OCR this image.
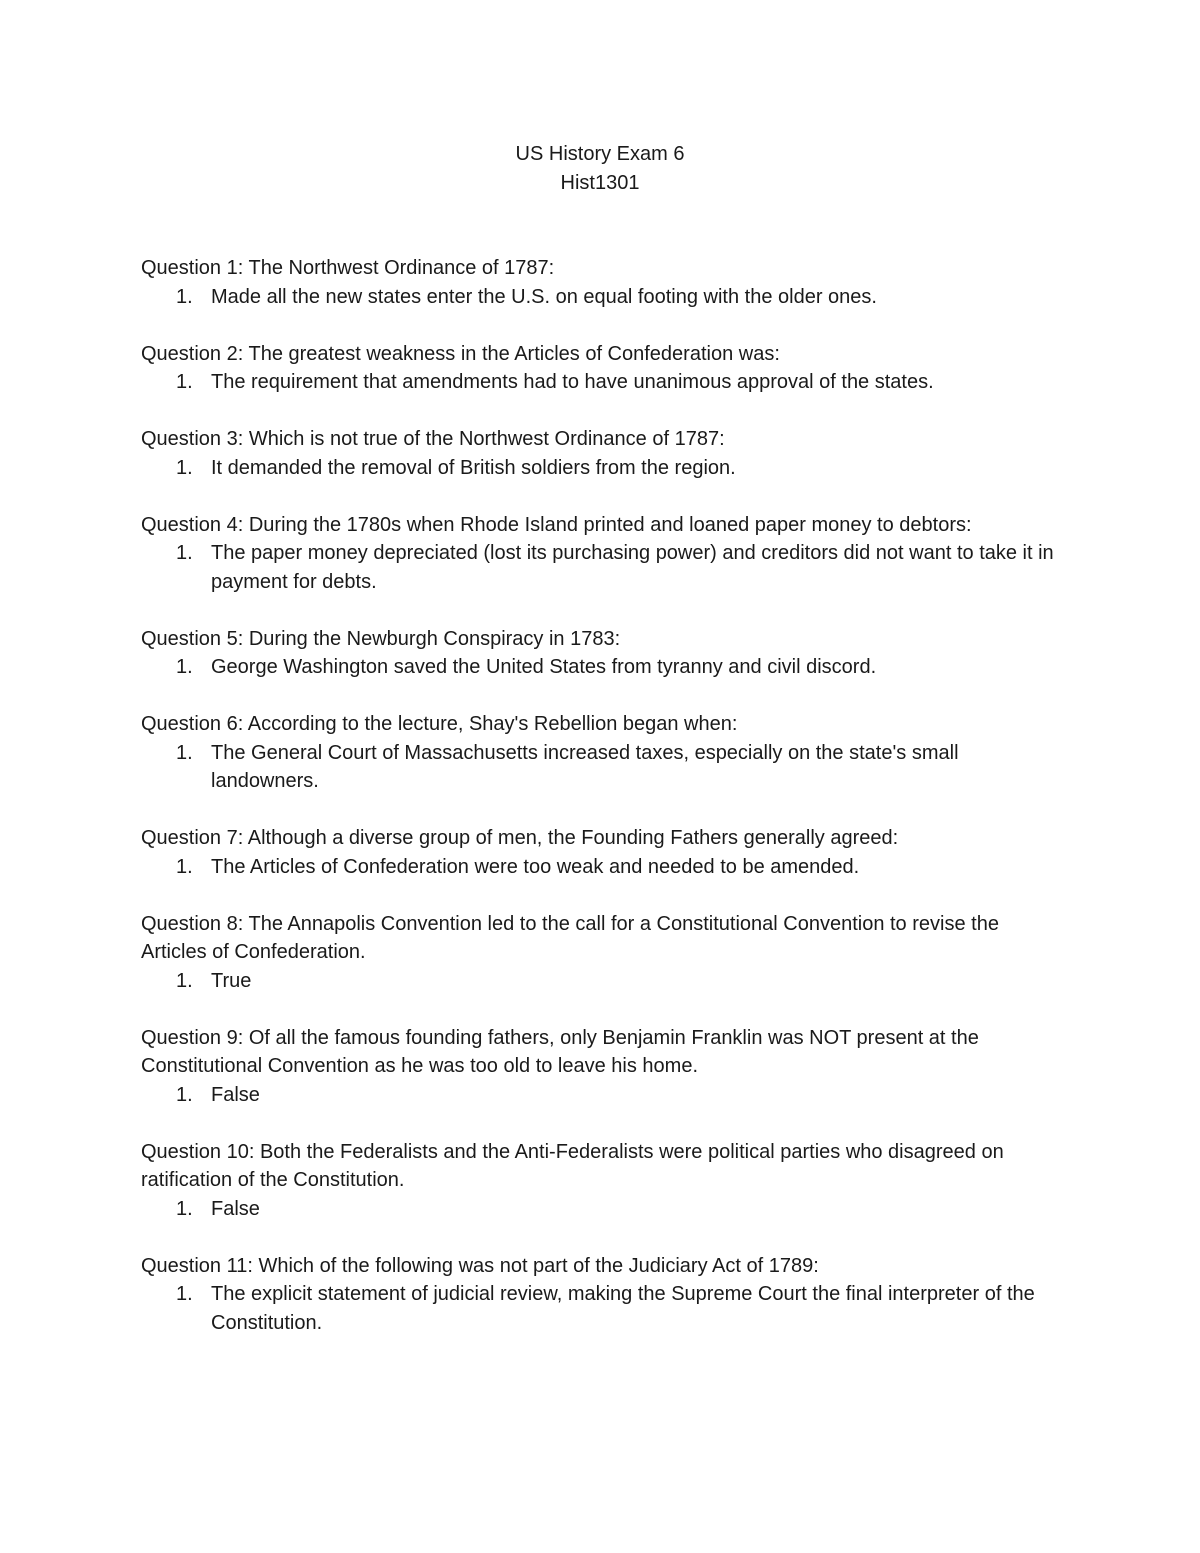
US History Exam 6
Hist1301

Question 1: The Northwest Ordinance of 1787:

1. Made all the new states enter the U.S. on equal footing with the older ones.

Question 2: The greatest weakness in the Articles of Confederation was:

1. The requirement that amendments had to have unanimous approval of the states.

Question 3: Which is not true of the Northwest Ordinance of 1787:

1. It demanded the removal of British soldiers from the region.

Question 4: During the 1780s when Rhode Island printed and loaned paper money to debtors:

1. The paper money depreciated (lost its purchasing power) and creditors did not want to take it in payment for debts.

Question 5: During the Newburgh Conspiracy in 1783:

1. George Washington saved the United States from tyranny and civil discord.

Question 6: According to the lecture, Shay's Rebellion began when:

1. The General Court of Massachusetts increased taxes, especially on the state's small landowners.

Question 7: Although a diverse group of men, the Founding Fathers generally agreed:

1. The Articles of Confederation were too weak and needed to be amended.

Question 8: The Annapolis Convention led to the call for a Constitutional Convention to revise the Articles of Confederation.

1. True

Question 9: Of all the famous founding fathers, only Benjamin Franklin was NOT present at the Constitutional Convention as he was too old to leave his home.

1. False

Question 10: Both the Federalists and the Anti-Federalists were political parties who disagreed on ratification of the Constitution.

1. False

Question 11: Which of the following was not part of the Judiciary Act of 1789:

1. The explicit statement of judicial review, making the Supreme Court the final interpreter of the Constitution.
